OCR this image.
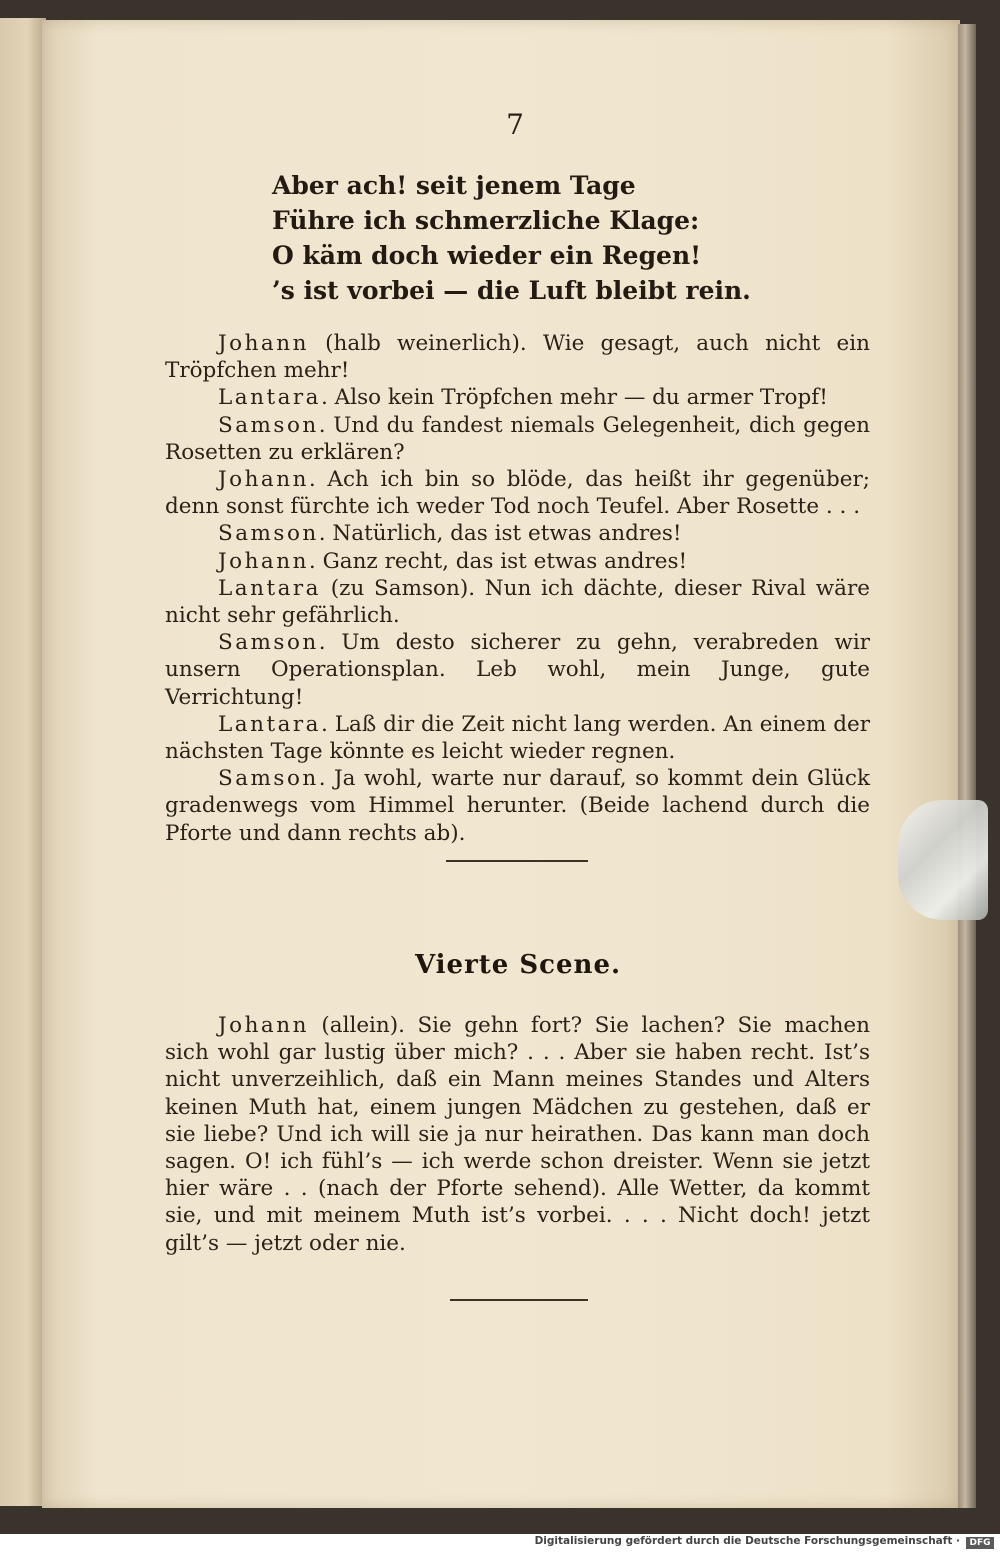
7
Aber ach! seit jenem Tage
Führe ich schmerzliche Klage:
O käm doch wieder ein Regen!
’s ist vorbei — die Luft bleibt rein.

Johann (halb weinerlich). Wie gesagt, auch nicht ein Tröpfchen mehr!

Lantara. Also kein Tröpfchen mehr — du armer Tropf!

Samson. Und du fandest niemals Gelegenheit, dich gegen Rosetten zu erklären?

Johann. Ach ich bin so blöde, das heißt ihr gegenüber; denn sonst fürchte ich weder Tod noch Teufel. Aber Rosette . . .

Samson. Natürlich, das ist etwas andres!

Johann. Ganz recht, das ist etwas andres!

Lantara (zu Samson). Nun ich dächte, dieser Rival wäre nicht sehr gefährlich.

Samson. Um desto sicherer zu gehn, verabreden wir unsern Operationsplan. Leb wohl, mein Junge, gute Verrichtung!

Lantara. Laß dir die Zeit nicht lang werden. An einem der nächsten Tage könnte es leicht wieder regnen.

Samson. Ja wohl, warte nur darauf, so kommt dein Glück gradenwegs vom Himmel herunter. (Beide lachend durch die Pforte und dann rechts ab).

Vierte Scene.

Johann (allein). Sie gehn fort? Sie lachen? Sie machen sich wohl gar lustig über mich? . . . Aber sie haben recht. Ist’s nicht unverzeihlich, daß ein Mann meines Standes und Alters keinen Muth hat, einem jungen Mädchen zu gestehen, daß er sie liebe? Und ich will sie ja nur heirathen. Das kann man doch sagen. O! ich fühl’s — ich werde schon dreister. Wenn sie jetzt hier wäre . . (nach der Pforte sehend). Alle Wetter, da kommt sie, und mit meinem Muth ist’s vorbei. . . . Nicht doch! jetzt gilt’s — jetzt oder nie.

Digitalisierung gefördert durch die Deutsche Forschungsgemeinschaft ·	DFG
